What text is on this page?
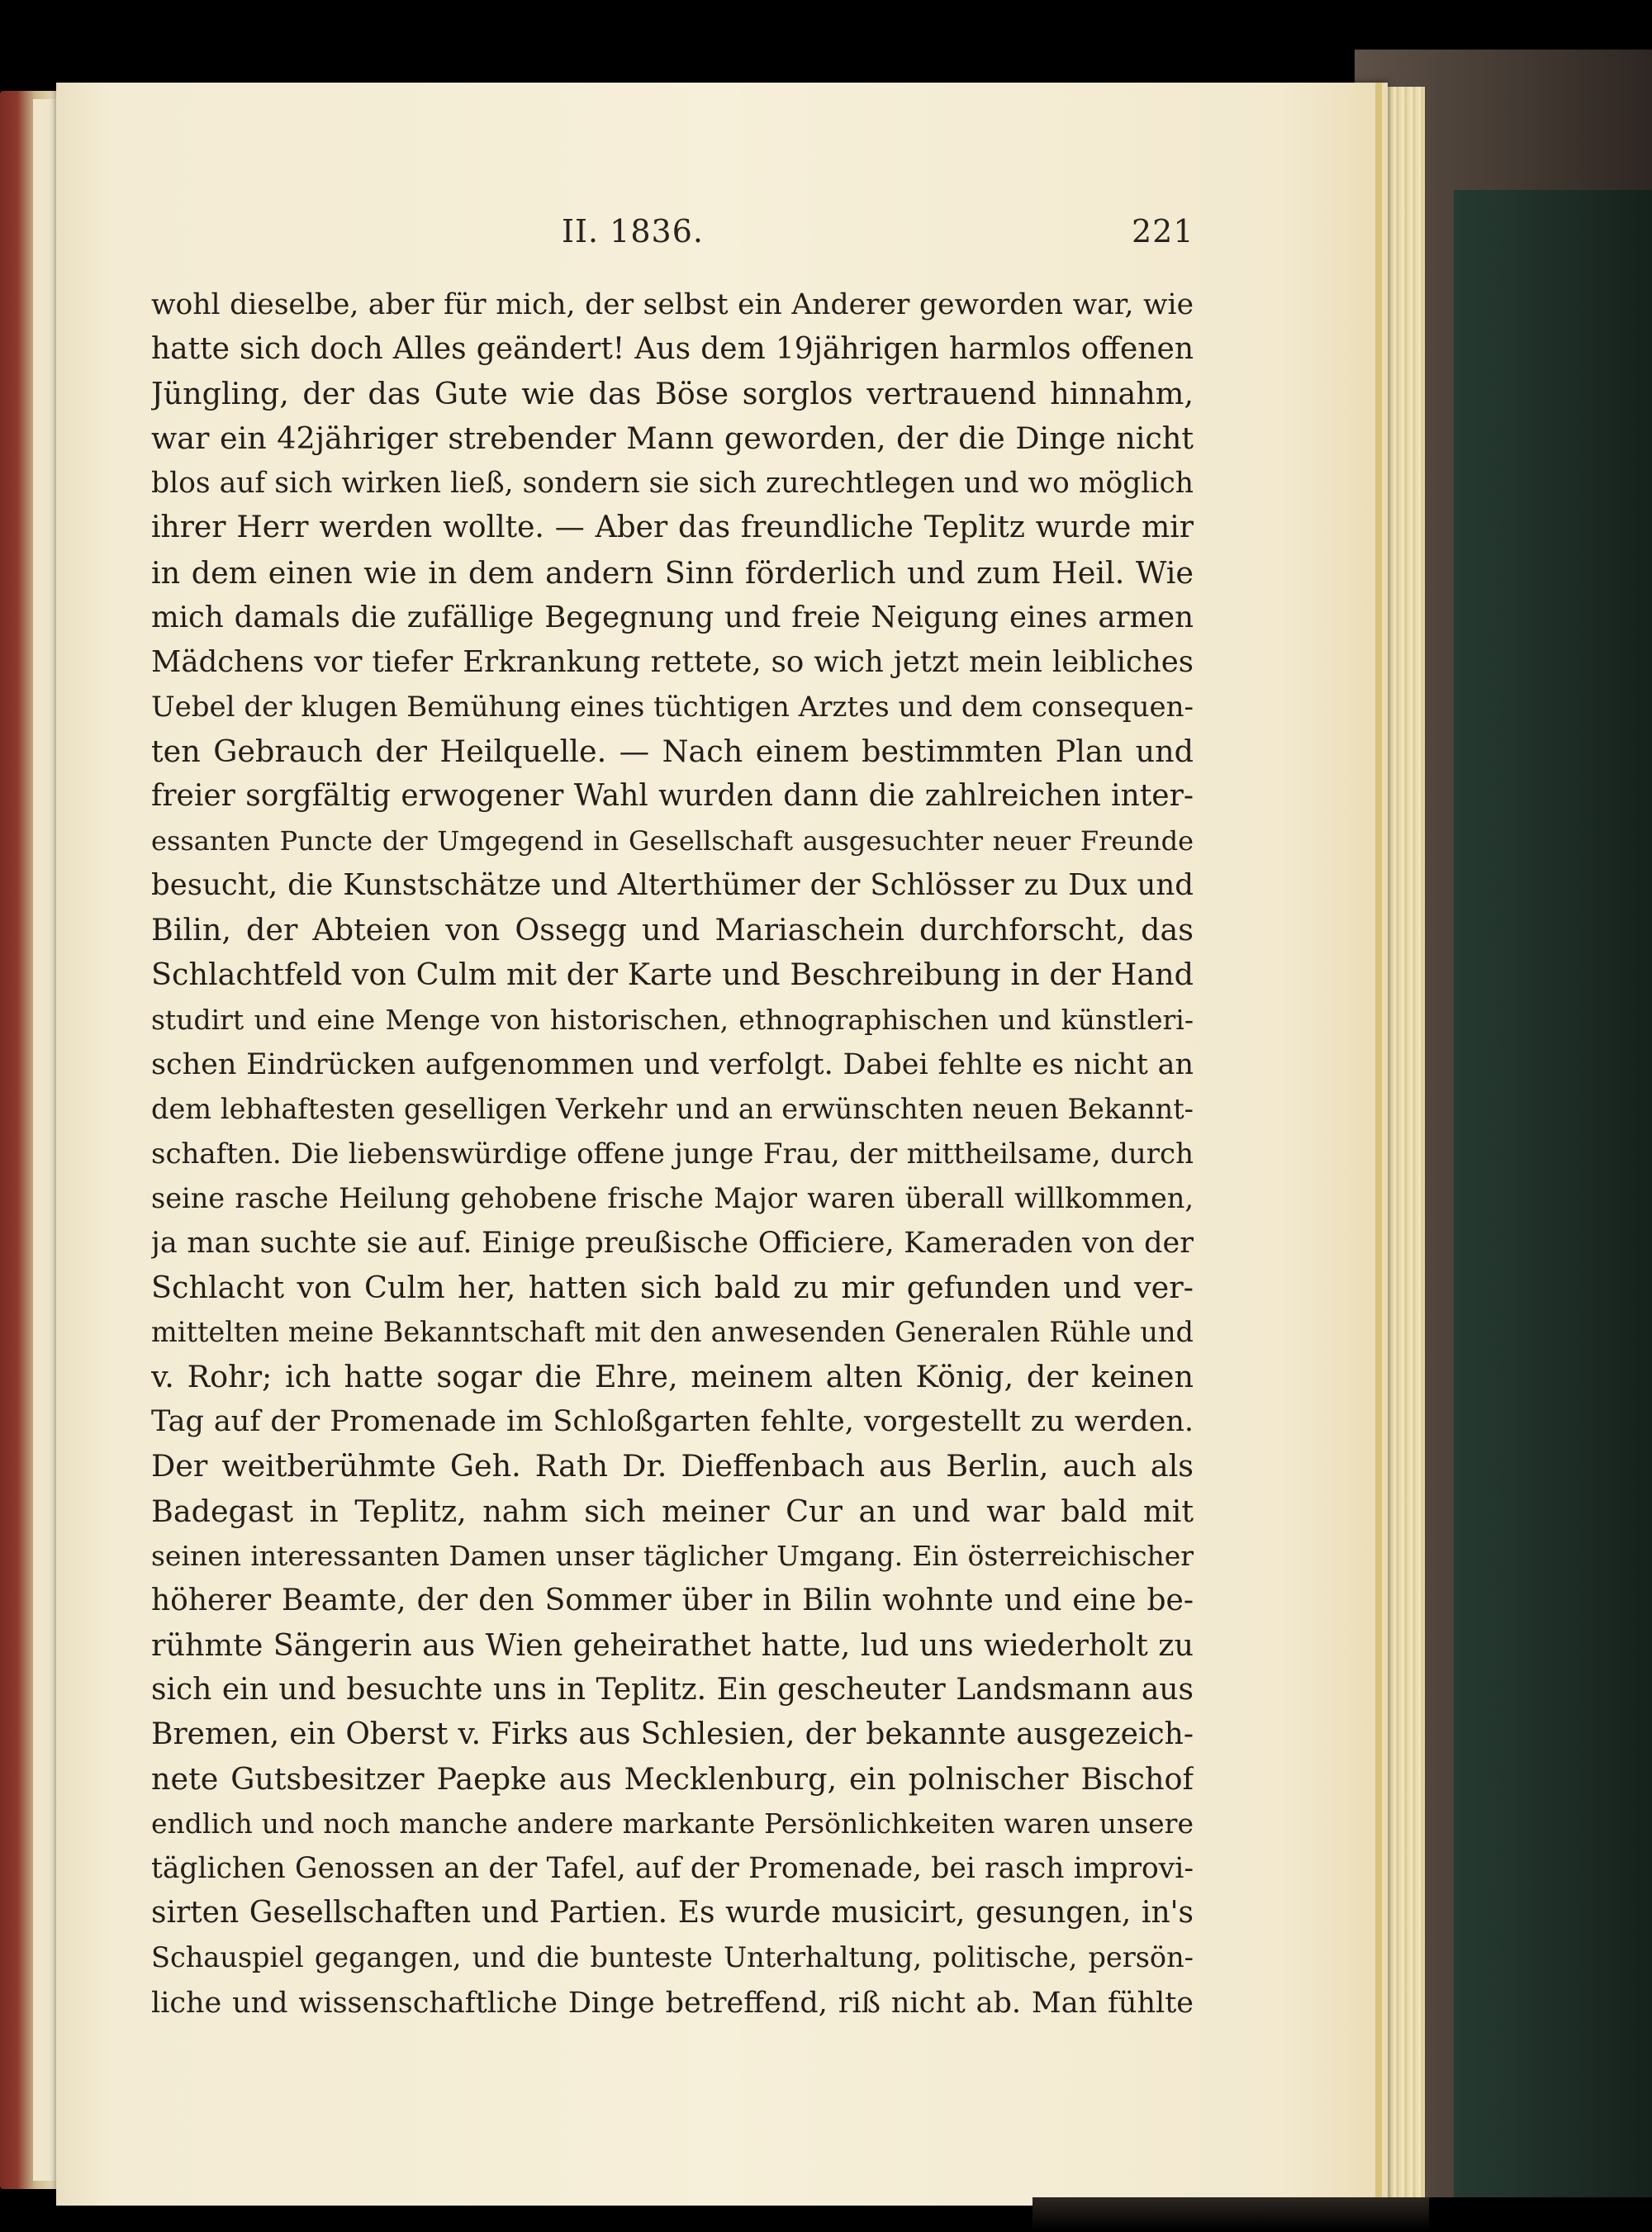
II. 1836.	221
wohl dieselbe, aber für mich, der selbst ein Anderer geworden war, wie
hatte sich doch Alles geändert! Aus dem 19jährigen harmlos offenen
Jüngling, der das Gute wie das Böse sorglos vertrauend hinnahm,
war ein 42jähriger strebender Mann geworden, der die Dinge nicht
blos auf sich wirken ließ, sondern sie sich zurechtlegen und wo möglich
ihrer Herr werden wollte. — Aber das freundliche Teplitz wurde mir
in dem einen wie in dem andern Sinn förderlich und zum Heil. Wie
mich damals die zufällige Begegnung und freie Neigung eines armen
Mädchens vor tiefer Erkrankung rettete, so wich jetzt mein leibliches
Uebel der klugen Bemühung eines tüchtigen Arztes und dem consequen-
ten Gebrauch der Heilquelle. — Nach einem bestimmten Plan und
freier sorgfältig erwogener Wahl wurden dann die zahlreichen inter-
essanten Puncte der Umgegend in Gesellschaft ausgesuchter neuer Freunde
besucht, die Kunstschätze und Alterthümer der Schlösser zu Dux und
Bilin, der Abteien von Ossegg und Mariaschein durchforscht, das
Schlachtfeld von Culm mit der Karte und Beschreibung in der Hand
studirt und eine Menge von historischen, ethnographischen und künstleri-
schen Eindrücken aufgenommen und verfolgt. Dabei fehlte es nicht an
dem lebhaftesten geselligen Verkehr und an erwünschten neuen Bekannt-
schaften. Die liebenswürdige offene junge Frau, der mittheilsame, durch
seine rasche Heilung gehobene frische Major waren überall willkommen,
ja man suchte sie auf. Einige preußische Officiere, Kameraden von der
Schlacht von Culm her, hatten sich bald zu mir gefunden und ver-
mittelten meine Bekanntschaft mit den anwesenden Generalen Rühle und
v. Rohr; ich hatte sogar die Ehre, meinem alten König, der keinen
Tag auf der Promenade im Schloßgarten fehlte, vorgestellt zu werden.
Der weitberühmte Geh. Rath Dr. Dieffenbach aus Berlin, auch als
Badegast in Teplitz, nahm sich meiner Cur an und war bald mit
seinen interessanten Damen unser täglicher Umgang. Ein österreichischer
höherer Beamte, der den Sommer über in Bilin wohnte und eine be-
rühmte Sängerin aus Wien geheirathet hatte, lud uns wiederholt zu
sich ein und besuchte uns in Teplitz. Ein gescheuter Landsmann aus
Bremen, ein Oberst v. Firks aus Schlesien, der bekannte ausgezeich-
nete Gutsbesitzer Paepke aus Mecklenburg, ein polnischer Bischof
endlich und noch manche andere markante Persönlichkeiten waren unsere
täglichen Genossen an der Tafel, auf der Promenade, bei rasch improvi-
sirten Gesellschaften und Partien. Es wurde musicirt, gesungen, in's
Schauspiel gegangen, und die bunteste Unterhaltung, politische, persön-
liche und wissenschaftliche Dinge betreffend, riß nicht ab. Man fühlte
